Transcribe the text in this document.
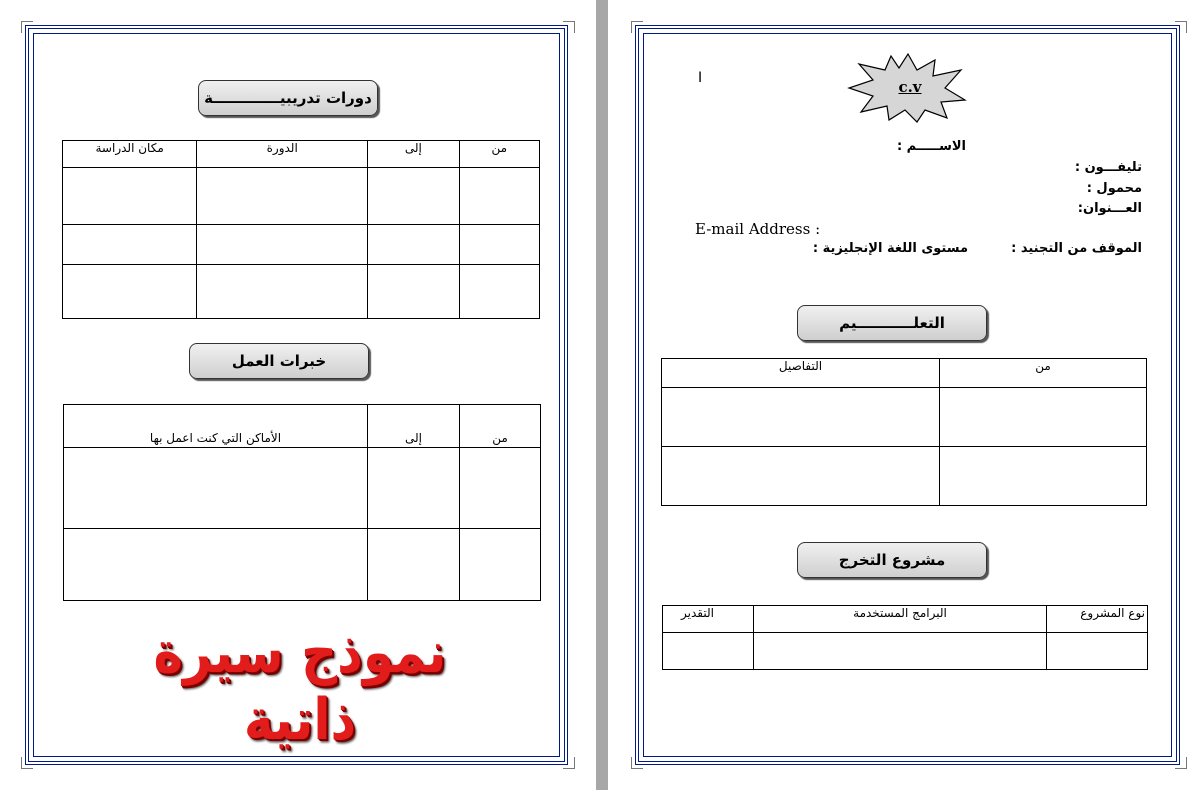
دورات تدريبيـــــــــــــة
من	إلى	الدورة	مكان الدراسة

خبرات العمل
من	إلى	الأماكن التي كنت اعمل بها

نموذج سيرة ذاتية
I	c.v
الاســـــم :
تليفـــون :
محمول :
العـــنوان:
E-mail Address :
الموقف من التجنيد :
مستوى اللغة الإنجليزية :
التعلـــــــــــيم
من	التفاصيل

مشروع التخرج
نوع المشروع	البرامج المستخدمة	التقدير
